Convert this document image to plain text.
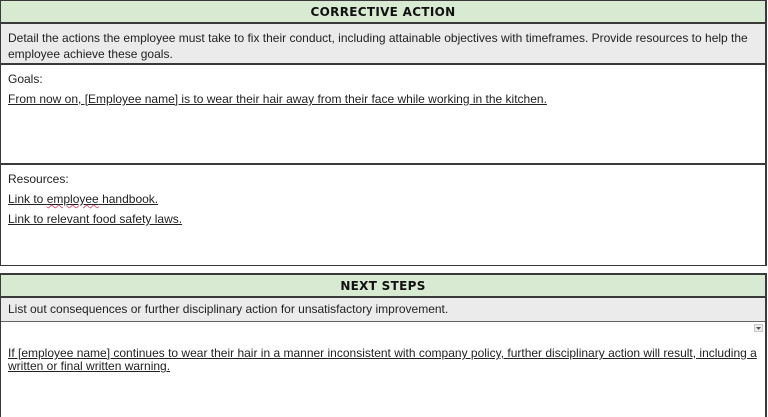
CORRECTIVE ACTION
Detail the actions the employee must take to fix their conduct, including attainable objectives with timeframes. Provide resources to help the employee achieve these goals.
Goals:
From now on, [Employee name] is to wear their hair away from their face while working in the kitchen.
Resources:
Link to employee handbook.
Link to relevant food safety laws.
NEXT STEPS
List out consequences or further disciplinary action for unsatisfactory improvement.
If [employee name] continues to wear their hair in a manner inconsistent with company policy, further disciplinary action will result, including a written or final written warning.
